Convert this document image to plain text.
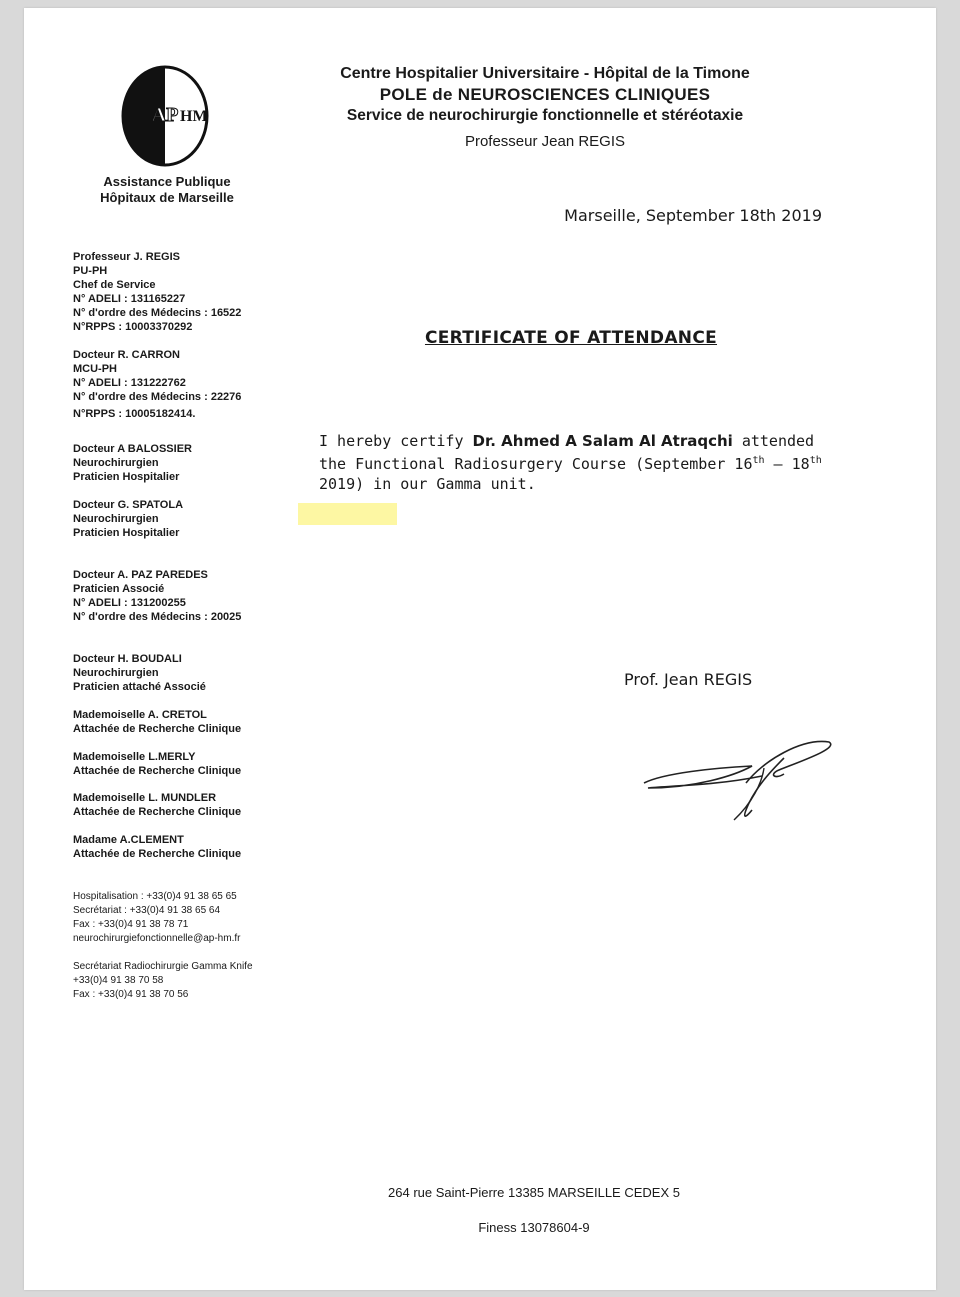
AP HM
Assistance Publique
Hôpitaux de Marseille
Centre Hospitalier Universitaire - Hôpital de la Timone
POLE de NEUROSCIENCES CLINIQUES
Service de neurochirurgie fonctionnelle et stéréotaxie
Professeur Jean REGIS
Marseille, September 18th 2019
Professeur J. REGIS
PU-PH
Chef de Service
N° ADELI : 131165227
N° d'ordre des Médecins : 16522
N°RPPS : 10003370292
Docteur R. CARRON
MCU-PH
N° ADELI : 131222762
N° d'ordre des Médecins : 22276
N°RPPS : 10005182414.
Docteur A BALOSSIER
Neurochirurgien
Praticien Hospitalier
Docteur G. SPATOLA
Neurochirurgien
Praticien Hospitalier
Docteur A. PAZ PAREDES
Praticien Associé
N° ADELI : 131200255
N° d'ordre des Médecins : 20025
Docteur H. BOUDALI
Neurochirurgien
Praticien attaché Associé
Mademoiselle A. CRETOL
Attachée de Recherche Clinique
Mademoiselle L.MERLY
Attachée de Recherche Clinique
Mademoiselle L. MUNDLER
Attachée de Recherche Clinique
Madame A.CLEMENT
Attachée de Recherche Clinique
Hospitalisation : +33(0)4 91 38 65 65
Secrétariat : +33(0)4 91 38 65 64
Fax : +33(0)4 91 38 78 71
neurochirurgiefonctionnelle@ap-hm.fr
Secrétariat Radiochirurgie Gamma Knife
+33(0)4 91 38 70 58
Fax : +33(0)4 91 38 70 56
CERTIFICATE OF ATTENDANCE
I hereby certify Dr. Ahmed A Salam Al Atraqchi attended the Functional Radiosurgery Course (September 16th – 18th 2019) in our Gamma unit.
Prof. Jean REGIS
264 rue Saint-Pierre 13385 MARSEILLE CEDEX 5
Finess 13078604-9
